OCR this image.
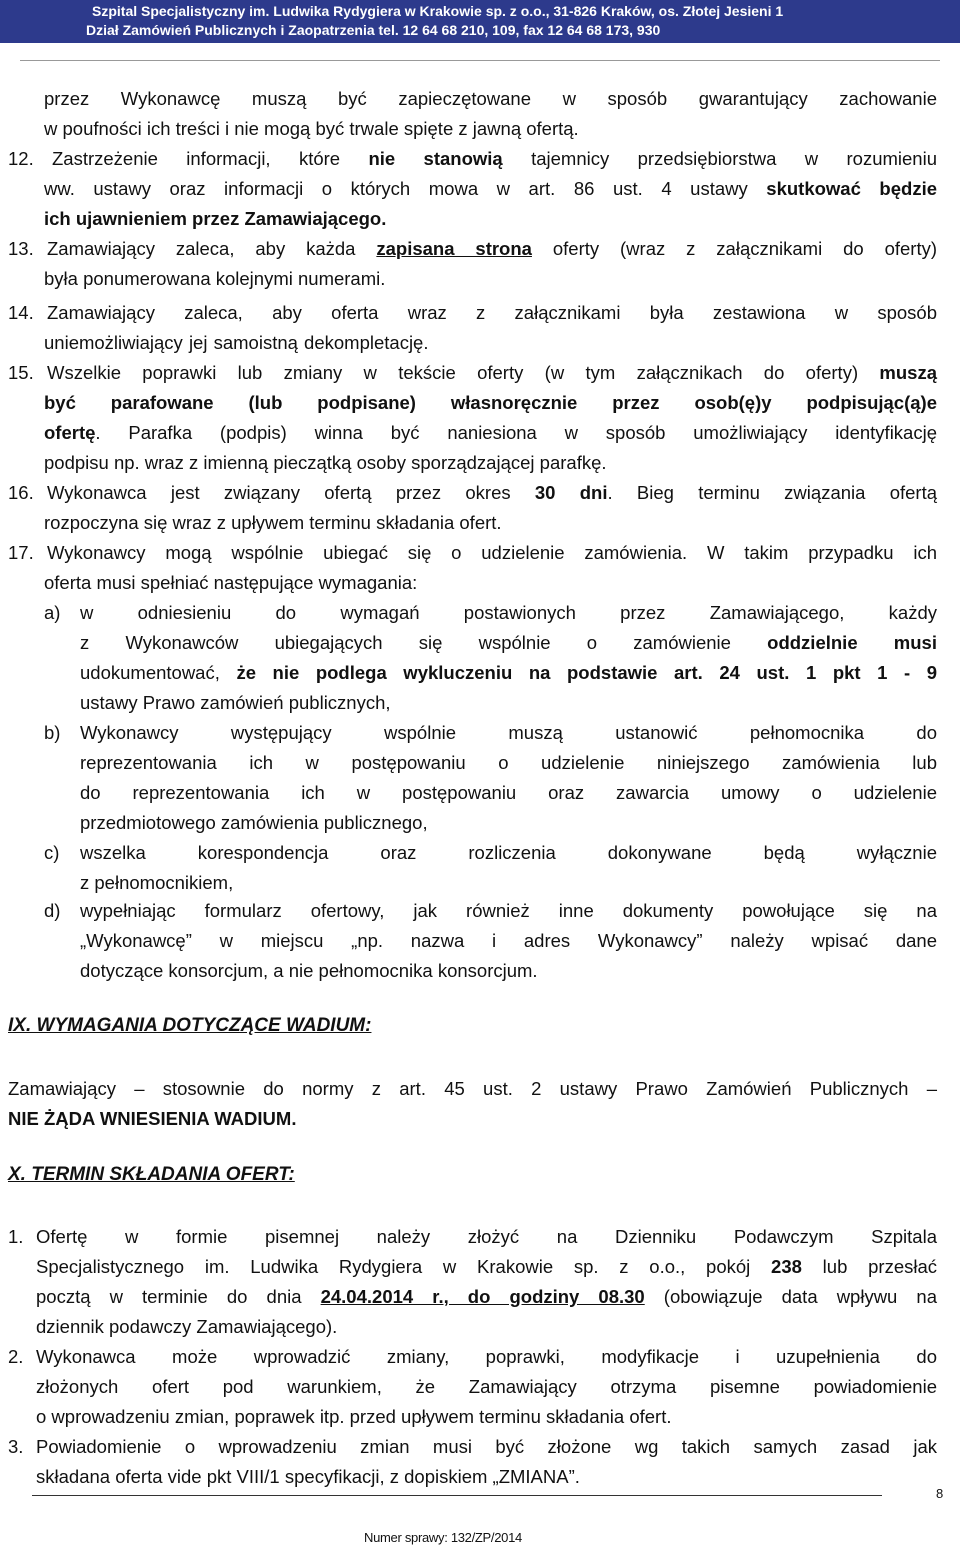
Szpital Specjalistyczny im. Ludwika Rydygiera w Krakowie sp. z o.o., 31-826 Kraków, os. Złotej Jesieni 1
Dział Zamówień Publicznych i Zaopatrzenia tel. 12 64 68 210, 109, fax 12 64 68 173, 930
przez Wykonawcę muszą być zapieczętowane w sposób gwarantujący zachowanie
w poufności ich treści i nie mogą być trwale spięte z jawną ofertą.
12. Zastrzeżenie informacji, które nie stanowią tajemnicy przedsiębiorstwa w rozumieniu
ww. ustawy oraz informacji o których mowa w art. 86 ust. 4 ustawy skutkować będzie
ich ujawnieniem przez Zamawiającego.
13. Zamawiający zaleca, aby każda zapisana strona oferty (wraz z załącznikami do oferty)
była ponumerowana kolejnymi numerami.
14. Zamawiający zaleca, aby oferta wraz z załącznikami była zestawiona w sposób
uniemożliwiający jej samoistną dekompletację.
15. Wszelkie poprawki lub zmiany w tekście oferty (w tym załącznikach do oferty) muszą
być parafowane (lub podpisane) własnoręcznie przez osob(ę)y podpisując(ą)e
ofertę. Parafka (podpis) winna być naniesiona w sposób umożliwiający identyfikację
podpisu np. wraz z imienną pieczątką osoby sporządzającej parafkę.
16. Wykonawca jest związany ofertą przez okres 30 dni. Bieg terminu związania ofertą
rozpoczyna się wraz z upływem terminu składania ofert.
17. Wykonawcy mogą wspólnie ubiegać się o udzielenie zamówienia. W takim przypadku ich
oferta musi spełniać następujące wymagania:
a) w odniesieniu do wymagań postawionych przez Zamawiającego, każdy
z Wykonawców ubiegających się wspólnie o zamówienie oddzielnie musi
udokumentować, że nie podlega wykluczeniu na podstawie art. 24 ust. 1 pkt 1 - 9
ustawy Prawo zamówień publicznych,
b) Wykonawcy występujący wspólnie muszą ustanowić pełnomocnika do
reprezentowania ich w postępowaniu o udzielenie niniejszego zamówienia lub
do reprezentowania ich w postępowaniu oraz zawarcia umowy o udzielenie
przedmiotowego zamówienia publicznego,
c) wszelka korespondencja oraz rozliczenia dokonywane będą wyłącznie
z pełnomocnikiem,
d) wypełniając formularz ofertowy, jak również inne dokumenty powołujące się na
„Wykonawcę” w miejscu „np. nazwa i adres Wykonawcy” należy wpisać dane
dotyczące konsorcjum, a nie pełnomocnika konsorcjum.
IX. WYMAGANIA DOTYCZĄCE WADIUM:
Zamawiający – stosownie do normy z art. 45 ust. 2 ustawy Prawo Zamówień Publicznych –
NIE ŻĄDA WNIESIENIA WADIUM.
X. TERMIN SKŁADANIA OFERT:
1. Ofertę w formie pisemnej należy złożyć na Dzienniku Podawczym Szpitala
Specjalistycznego im. Ludwika Rydygiera w Krakowie sp. z o.o., pokój 238 lub przesłać
pocztą w terminie do dnia 24.04.2014 r., do godziny 08.30 (obowiązuje data wpływu na
dziennik podawczy Zamawiającego).
2. Wykonawca może wprowadzić zmiany, poprawki, modyfikacje i uzupełnienia do
złożonych ofert pod warunkiem, że Zamawiający otrzyma pisemne powiadomienie
o wprowadzeniu zmian, poprawek itp. przed upływem terminu składania ofert.
3. Powiadomienie o wprowadzeniu zmian musi być złożone wg takich samych zasad jak
składana oferta vide pkt VIII/1 specyfikacji, z dopiskiem „ZMIANA”.
Numer sprawy: 132/ZP/2014
8
